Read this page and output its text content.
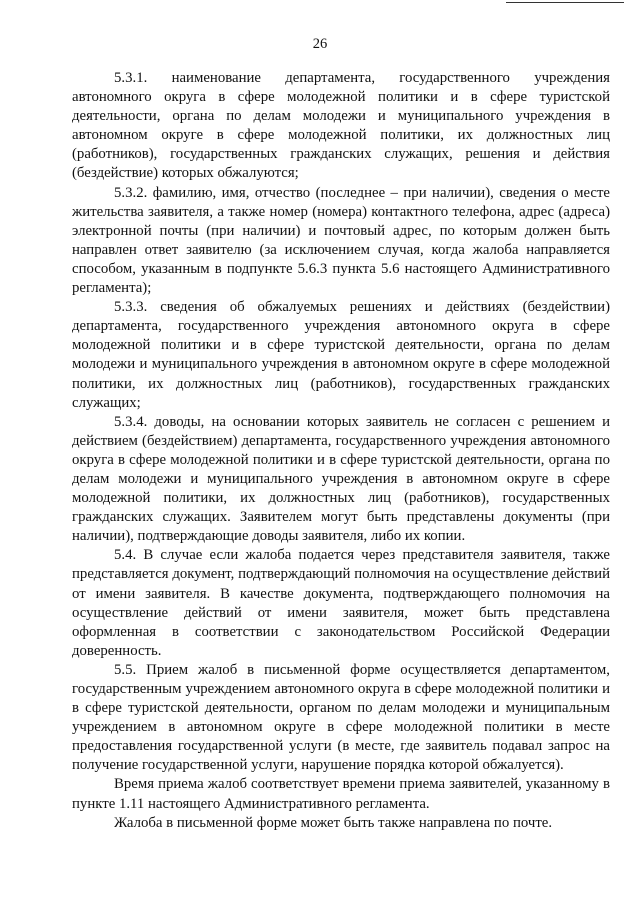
26

5.3.1. наименование департамента, государственного учреждения автономного округа в сфере молодежной политики и в сфере туристской деятельности, органа по делам молодежи и муниципального учреждения в автономном округе в сфере молодежной политики, их должностных лиц (работников), государственных гражданских служащих, решения и действия (бездействие) которых обжалуются;

5.3.2. фамилию, имя, отчество (последнее – при наличии), сведения о месте жительства заявителя, а также номер (номера) контактного телефона, адрес (адреса) электронной почты (при наличии) и почтовый адрес, по которым должен быть направлен ответ заявителю (за исключением случая, когда жалоба направляется способом, указанным в подпункте 5.6.3 пункта 5.6 настоящего Административного регламента);

5.3.3. сведения об обжалуемых решениях и действиях (бездействии) департамента, государственного учреждения автономного округа в сфере молодежной политики и в сфере туристской деятельности, органа по делам молодежи и муниципального учреждения в автономном округе в сфере молодежной политики, их должностных лиц (работников), государственных гражданских служащих;

5.3.4. доводы, на основании которых заявитель не согласен с решением и действием (бездействием) департамента, государственного учреждения автономного округа в сфере молодежной политики и в сфере туристской деятельности, органа по делам молодежи и муниципального учреждения в автономном округе в сфере молодежной политики, их должностных лиц (работников), государственных гражданских служащих. Заявителем могут быть представлены документы (при наличии), подтверждающие доводы заявителя, либо их копии.

5.4. В случае если жалоба подается через представителя заявителя, также представляется документ, подтверждающий полномочия на осуществление действий от имени заявителя. В качестве документа, подтверждающего полномочия на осуществление действий от имени заявителя, может быть представлена оформленная в соответствии с законодательством Российской Федерации доверенность.

5.5. Прием жалоб в письменной форме осуществляется департаментом, государственным учреждением автономного округа в сфере молодежной политики и в сфере туристской деятельности, органом по делам молодежи и муниципальным учреждением в автономном округе в сфере молодежной политики в месте предоставления государственной услуги (в месте, где заявитель подавал запрос на получение государственной услуги, нарушение порядка которой обжалуется).

Время приема жалоб соответствует времени приема заявителей, указанному в пункте 1.11 настоящего Административного регламента.

Жалоба в письменной форме может быть также направлена по почте.
